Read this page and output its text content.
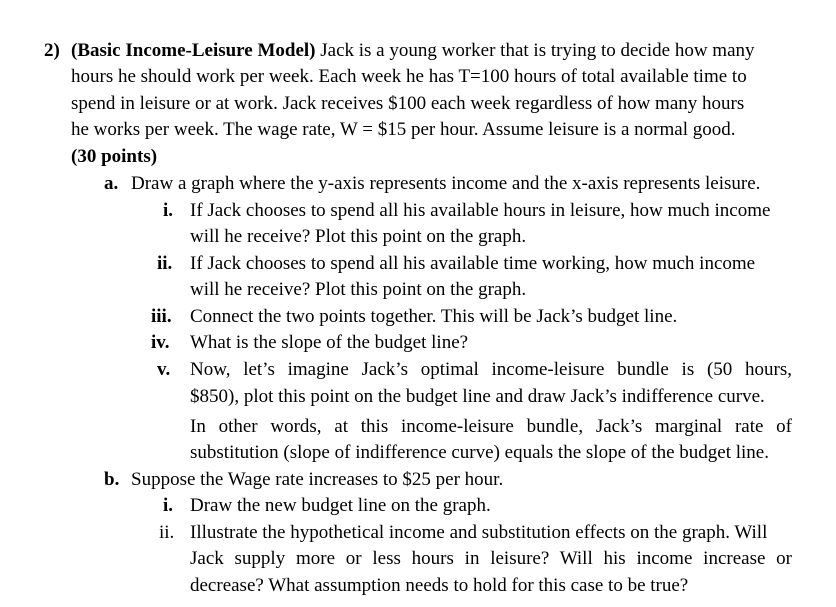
2) (Basic Income-Leisure Model) Jack is a young worker that is trying to decide how many
hours he should work per week. Each week he has T=100 hours of total available time to
spend in leisure or at work. Jack receives $100 each week regardless of how many hours
he works per week. The wage rate, W = $15 per hour. Assume leisure is a normal good.
(30 points)
a. Draw a graph where the y-axis represents income and the x-axis represents leisure.
i. If Jack chooses to spend all his available hours in leisure, how much income
will he receive? Plot this point on the graph.
ii. If Jack chooses to spend all his available time working, how much income
will he receive? Plot this point on the graph.
iii. Connect the two points together. This will be Jack’s budget line.
iv. What is the slope of the budget line?
v. Now, let’s imagine Jack’s optimal income-leisure bundle is (50 hours,
$850), plot this point on the budget line and draw Jack’s indifference curve.
In other words, at this income-leisure bundle, Jack’s marginal rate of
substitution (slope of indifference curve) equals the slope of the budget line.
b. Suppose the Wage rate increases to $25 per hour.
i. Draw the new budget line on the graph.
ii. Illustrate the hypothetical income and substitution effects on the graph. Will
Jack supply more or less hours in leisure? Will his income increase or
decrease? What assumption needs to hold for this case to be true?
